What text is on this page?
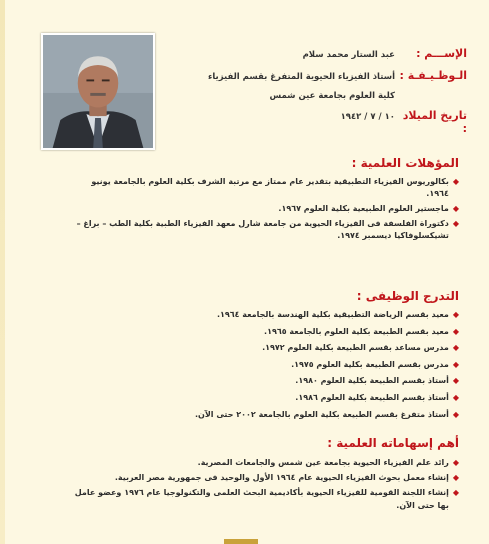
الإســـم :
عبد الستار محمد سلام
الـوظـيـفـة :
أستاذ الفيزياء الحيوية المتفرغ بقسم الفيزياء
كلية العلوم بجامعة عين شمس
تاريخ الميلاد :
١٠ / ٧ / ١٩٤٢
المؤهلات العلمية :
◆
بكالوريوس الفيزياء التطبيقية بتقدير عام ممتاز مع مرتبة الشرف بكلية العلوم بالجامعة يونيو
١٩٦٤.
◆
ماجستير العلوم الطبيعية بكلية العلوم ١٩٦٧.
◆
دكتوراة الفلسفة فى الفيزياء الحيوية من جامعة شارل معهد الفيزياء الطبية بكلية الطب – براغ –
تشيكسلوفاكيا ديسمبر ١٩٧٤.
التدرج الوظيفى :
◆
معيد بقسم الرياضة التطبيقية بكلية الهندسة بالجامعة ١٩٦٤.
◆
معيد بقسم الطبيعة بكلية العلوم بالجامعة ١٩٦٥.
◆
مدرس مساعد بقسم الطبيعة بكلية العلوم ١٩٧٢.
◆
مدرس بقسم الطبيعة بكلية العلوم ١٩٧٥.
◆
أستاذ بقسم الطبيعة بكلية العلوم ١٩٨٠.
◆
أستاذ بقسم الطبيعة بكلية العلوم ١٩٨٦.
◆
أستاذ متفرغ بقسم الطبيعة بكلية العلوم بالجامعة ٢٠٠٢ حتى الآن.
أهم إسهاماته العلمية :
◆
رائد علم الفيزياء الحيوية بجامعة عين شمس والجامعات المصرية.
◆
إنشاء معمل بحوث الفيزياء الحيوية عام ١٩٦٤ الأول والوحيد فى جمهورية مصر العربية.
◆
إنشاء اللجنة القومية للفيزياء الحيوية بأكاديمية البحث العلمى والتكنولوجيا عام ١٩٧٦ وعضو عامل
بها حتى الآن.
